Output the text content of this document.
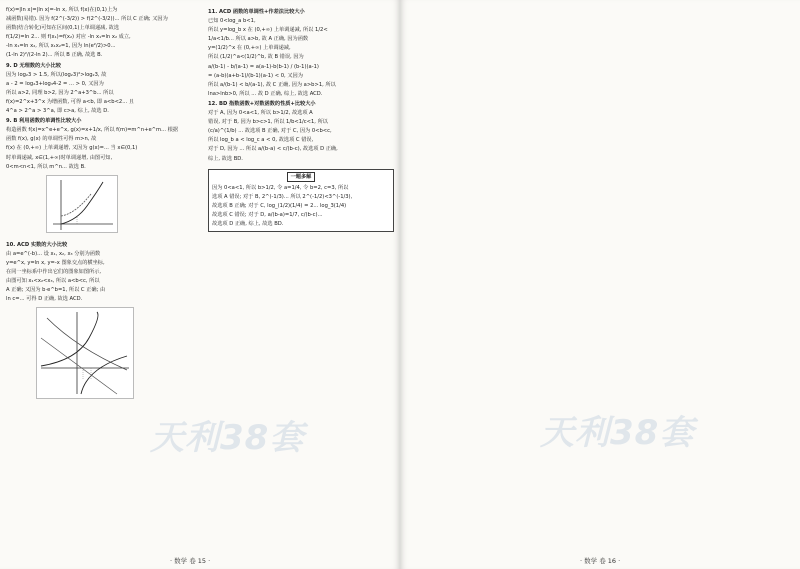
f(x)=|ln x|=|ln x|=-ln x, 所以 f(x)在(0,1)上为
减函数(易错). 因为 f(2^(-3/2)) > f(2^(-3/2))... 所以 C 正确; 又因为
函数(结合转化)可知在区间(0,1)上单调递减, 故选
f(1/2)=ln 2... 则 f(x₁)=f(x₂) 对应 -ln x₁=ln x₂ 成立,
-ln x₁=ln x₂, 所以 x₁x₂=1, 因为 ln(e²/2)>0...
(1-ln 2)²/(2-ln 2)... 所以 B 正确, 故选 B.
9. D 无理数的大小比较
因为 log₂3 > 1.5, 所以(log₂3)²>log₂3, 故
a - 2 = log₂3+log₃4-2 = ... > 0, 又因为
所以 a>2, 同理 b>2, 因为 2^a+3^b... 所以
f(x)=2^x+3^x 为增函数, 可得 a<b, 即 a<b<2... 且
4^a > 2^a > 3^a, 即 c>a, 综上, 故选 D.
9. B 利用函数的单调性比较大小
构造函数 f(x)=x^e+e^x, g(x)=x+1/x, 所以 f(m)=m^n+e^m... 根据
函数 f(x), g(x) 的单调性可得 m>n, 故
f(x) 在 (0,+∞) 上单调递增, 又因为 g(x)=... 当 x∈(0,1)
时单调递减, x∈(1,+∞)时单调递增, 由图可知,
0<m<n<1, 所以 m^n... 故选 B.
10. ACD 实数的大小比较
由 a=e^(-b)... 设 x₁, x₂, x₃ 分别为函数
y=e^x, y=ln x, y=-x 图象交点的横坐标,
在同一坐标系中作出它们的图象如图所示,
由图可知 x₁<x₂<x₃, 所以 a<b<c, 所以
A 正确; 又因为 b·e^b=1, 所以 C 正确; 由
ln c=... 可得 D 正确, 故选 ACD.
11. ACD 函数的单调性+作差法比较大小
已知 0<log_a b<1,
所以 y=log_b x 在 (0,+∞) 上单调递减, 所以 1/2<
1/a<1/b... 所以 a>b, 故 A 正确, 因为函数
y=(1/2)^x 在 (0,+∞) 上单调递减,
所以 (1/2)^a<(1/2)^b, 故 B 错误, 因为
a/(b-1) - b/(a-1) = a(a-1)-b(b-1) / (b-1)(a-1)
= (a-b)(a+b-1)/(b-1)(a-1) < 0, 又因为
所以 a/(b-1) < b/(a-1), 故 C 正确, 因为 a>b>1, 所以
lna>lnb>0, 所以 ... 故 D 正确, 综上, 故选 ACD.
12. BD 指数函数+对数函数的性质+比较大小
对于 A, 因为 0<a<1, 所以 b>1/2, 故选项 A
错误, 对于 B, 因为 b>c>1, 所以 1/b<1/c<1, 所以
(c/a)^(1/b) ... 故选项 B 正确, 对于 C, 因为 0<b<c,
所以 log_b a < log_c a < 0, 故选项 C 错误,
对于 D, 因为 ... 所以 a/(b-a) < c/(b-c), 故选项 D 正确,
综上, 故选 BD.
一题多解
因为 0<a<1, 所以 b>1/2, 令 a=1/4, 令 b=2, c=3, 所以
选项 A 错误; 对于 B, 2^(-1/3)... 所以 2^(-1/2)<3^(-1/3),
故选项 B 正确; 对于 C, log_(1/2)(1/4) = 2... log_3(1/4)
故选项 C 错误; 对于 D, a/(b-a)=1/7, c/(b-c)...
故选项 D 正确, 综上, 故选 BD.
天利38套
· 数学 卷 15 ·
天利38套
· 数学 卷 16 ·
